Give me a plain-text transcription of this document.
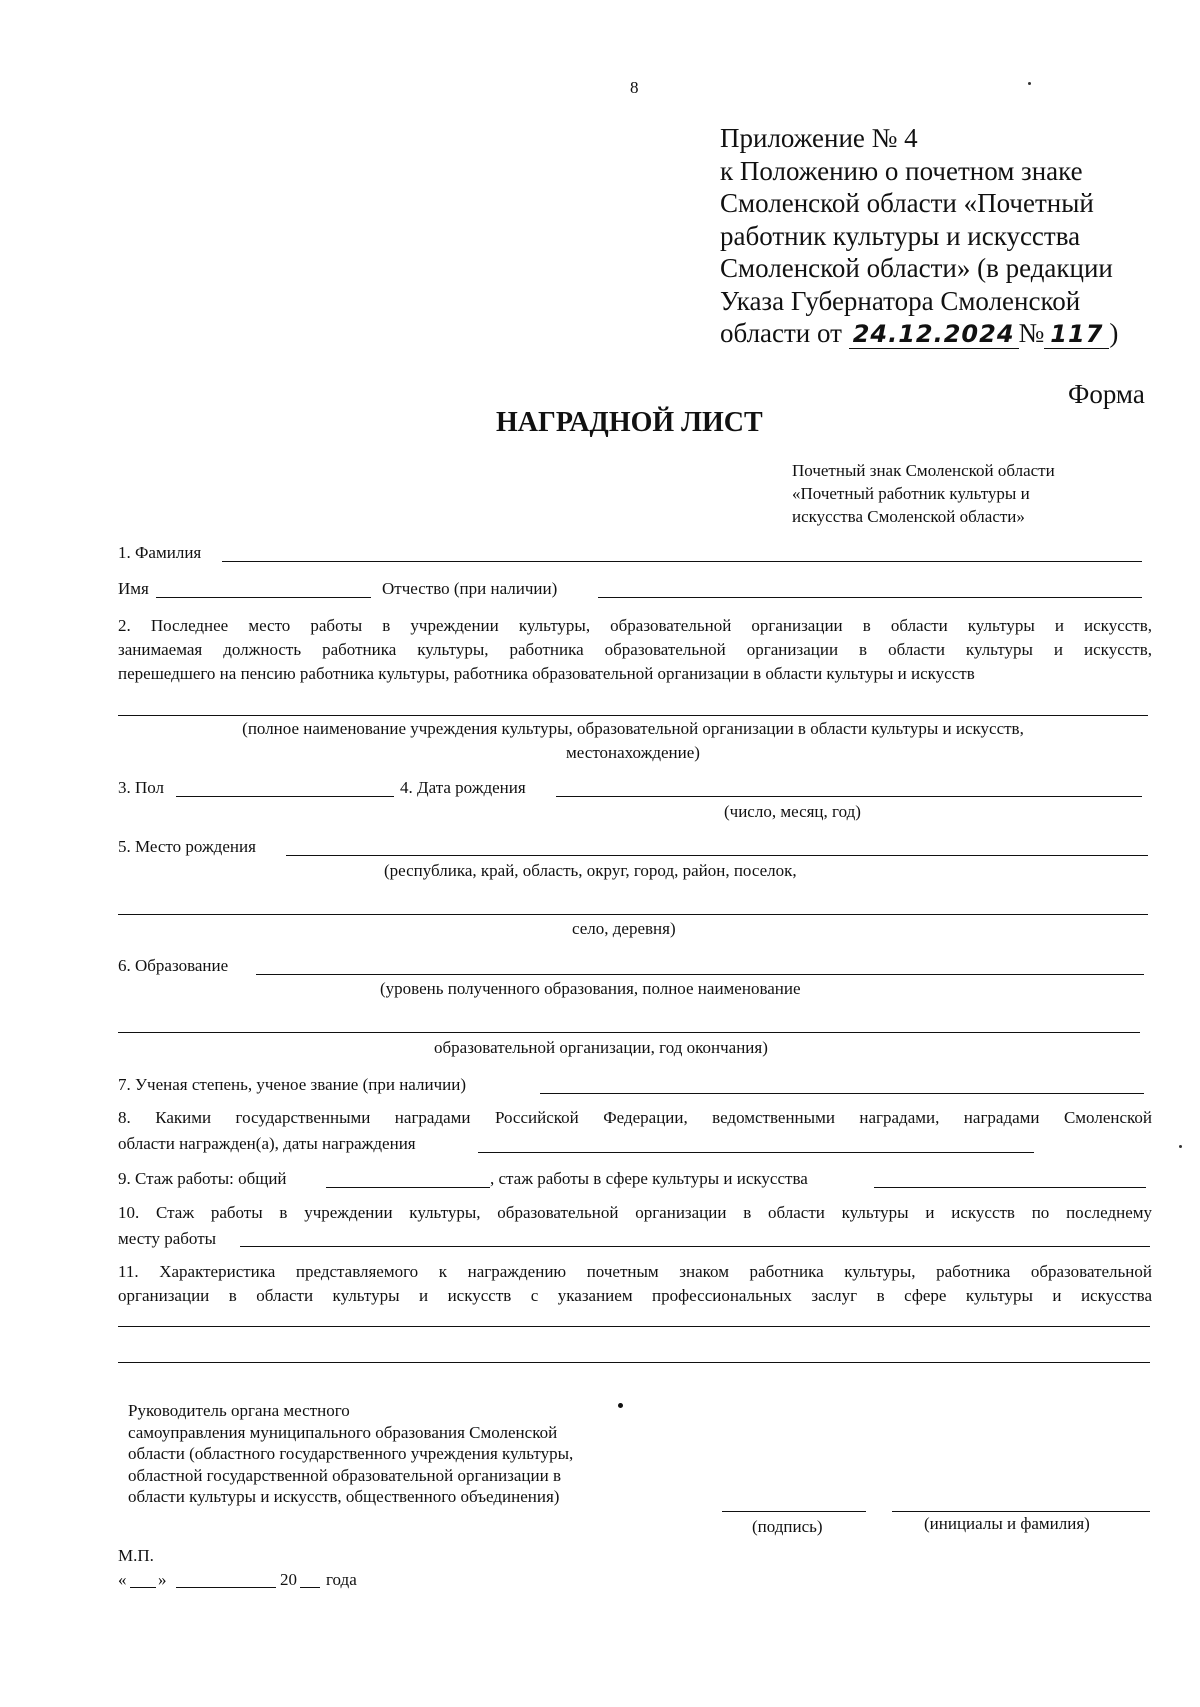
8
Приложение № 4
к Положению о почетном знаке
Смоленской области «Почетный
работник культуры и искусства
Смоленской области» (в редакции
Указа Губернатора Смоленской
области от 24.12.2024 № 117 )
Форма
НАГРАДНОЙ ЛИСТ
Почетный знак Смоленской области
«Почетный работник культуры и
искусства Смоленской области»
1. Фамилия
Имя	Отчество (при наличии)
2. Последнее место работы в учреждении культуры, образовательной организации в области культуры и искусств,
занимаемая должность работника культуры, работника образовательной организации в области культуры и искусств,
перешедшего на пенсию работника культуры, работника образовательной организации в области культуры и искусств
(полное наименование учреждения культуры, образовательной организации в области культуры и искусств,
местонахождение)
3. Пол	4. Дата рождения
(число, месяц, год)
5. Место рождения
(республика, край, область, округ, город, район, поселок,
село, деревня)
6. Образование
(уровень полученного образования, полное наименование
образовательной организации, год окончания)
7. Ученая степень, ученое звание (при наличии)
8. Какими государственными наградами Российской Федерации, ведомственными наградами, наградами Смоленской
области награжден(а), даты награждения
9. Стаж работы: общий	, стаж работы в сфере культуры и искусства
10. Стаж работы в учреждении культуры, образовательной организации в области культуры и искусств по последнему
месту работы
11. Характеристика представляемого к награждению почетным знаком работника культуры, работника образовательной
организации в области культуры и искусств с указанием профессиональных заслуг в сфере культуры и искусства
Руководитель органа местного
самоуправления муниципального образования Смоленской
области (областного государственного учреждения культуры,
областной государственной образовательной организации в
области культуры и искусств, общественного объединения)
(подпись)	(инициалы и фамилия)
М.П.
« »	20 года
